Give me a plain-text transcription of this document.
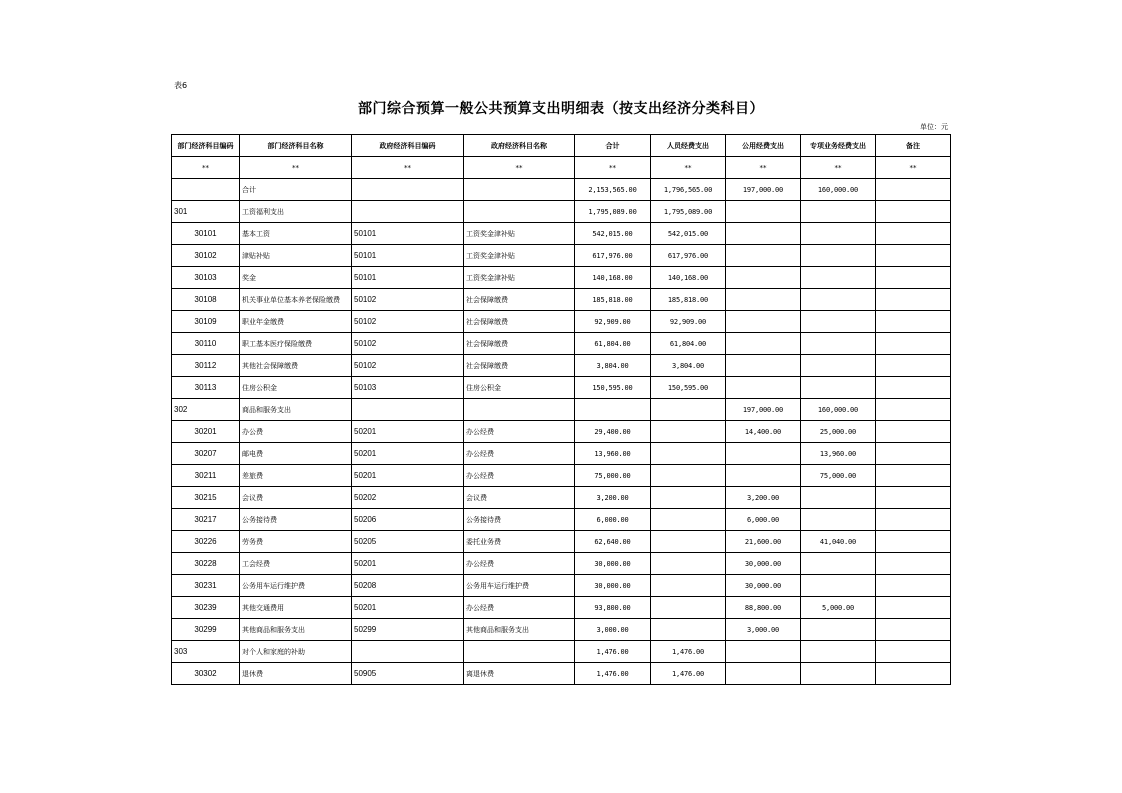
表6
部门综合预算一般公共预算支出明细表（按支出经济分类科目）
单位：元
部门经济科目编码	部门经济科目名称	政府经济科目编码	政府经济科目名称	合计	人员经费支出	公用经费支出	专项业务经费支出	备注
**	**	**	**	**	**	**	**	**
	合计			2,153,565.00	1,796,565.00	197,000.00	160,000.00	
301	工资福利支出			1,795,089.00	1,795,089.00			
30101	基本工资	50101	工资奖金津补贴	542,015.00	542,015.00			
30102	津贴补贴	50101	工资奖金津补贴	617,976.00	617,976.00			
30103	奖金	50101	工资奖金津补贴	140,168.00	140,168.00			
30108	机关事业单位基本养老保险缴费	50102	社会保障缴费	185,818.00	185,818.00			
30109	职业年金缴费	50102	社会保障缴费	92,909.00	92,909.00			
30110	职工基本医疗保险缴费	50102	社会保障缴费	61,804.00	61,804.00			
30112	其他社会保障缴费	50102	社会保障缴费	3,804.00	3,804.00			
30113	住房公积金	50103	住房公积金	150,595.00	150,595.00			
302	商品和服务支出					197,000.00	160,000.00	
30201	办公费	50201	办公经费	29,400.00		14,400.00	25,000.00	
30207	邮电费	50201	办公经费	13,960.00			13,960.00	
30211	差旅费	50201	办公经费	75,000.00			75,000.00	
30215	会议费	50202	会议费	3,200.00		3,200.00		
30217	公务接待费	50206	公务接待费	6,000.00		6,000.00		
30226	劳务费	50205	委托业务费	62,640.00		21,600.00	41,040.00	
30228	工会经费	50201	办公经费	30,000.00		30,000.00		
30231	公务用车运行维护费	50208	公务用车运行维护费	30,000.00		30,000.00		
30239	其他交通费用	50201	办公经费	93,800.00		88,800.00	5,000.00	
30299	其他商品和服务支出	50299	其他商品和服务支出	3,000.00		3,000.00		
303	对个人和家庭的补助			1,476.00	1,476.00			
30302	退休费	50905	离退休费	1,476.00	1,476.00			
